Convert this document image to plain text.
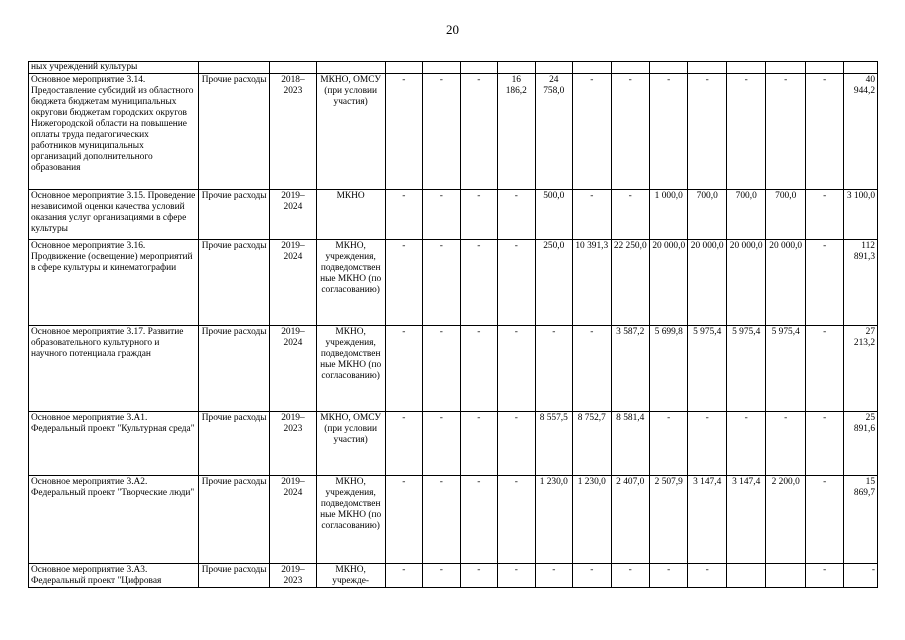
20
ных учреждений культуры																
Основное мероприятие 3.14. Предоставление субсидий из областного бюджета бюджетам муниципальных округови бюджетам городских округов Нижегородской области на повышение оплаты труда педагогических работников муниципальных организаций дополнительного образования	Прочие расходы	2018–2023	МКНО, ОМСУ (при условии участия)	-	-	-	16 186,2	24 758,0	-	-	-	-	-	-	-	40 944,2
Основное мероприятие 3.15. Проведение независимой оценки качества условий оказания услуг организациями в сфере культуры	Прочие расходы	2019–2024	МКНО	-	-	-	-	500,0	-	-	1 000,0	700,0	700,0	700,0	-	3 100,0
Основное мероприятие 3.16. Продвижение (освещение) мероприятий в сфере культуры и кинематографии	Прочие расходы	2019–2024	МКНО, учреждения, подведомственные МКНО (по согласованию)	-	-	-	-	250,0	10 391,3	22 250,0	20 000,0	20 000,0	20 000,0	20 000,0	-	112 891,3
Основное мероприятие 3.17. Развитие образовательного культурного и научного потенциала граждан	Прочие расходы	2019–2024	МКНО, учреждения, подведомственные МКНО (по согласованию)	-	-	-	-	-	-	3 587,2	5 699,8	5 975,4	5 975,4	5 975,4	-	27 213,2
Основное мероприятие 3.А1. Федеральный проект "Культурная среда"	Прочие расходы	2019–2023	МКНО, ОМСУ (при условии участия)	-	-	-	-	8 557,5	8 752,7	8 581,4	-	-	-	-	-	25 891,6
Основное мероприятие 3.А2. Федеральный проект "Творческие люди"	Прочие расходы	2019–2024	МКНО, учреждения, подведомственные МКНО (по согласованию)	-	-	-	-	1 230,0	1 230,0	2 407,0	2 507,9	3 147,4	3 147,4	2 200,0	-	15 869,7
Основное мероприятие 3.А3. Федеральный проект "Цифровая	Прочие расходы	2019–2023	МКНО, учрежде-	-	-	-	-	-	-	-	-	-			-	-
